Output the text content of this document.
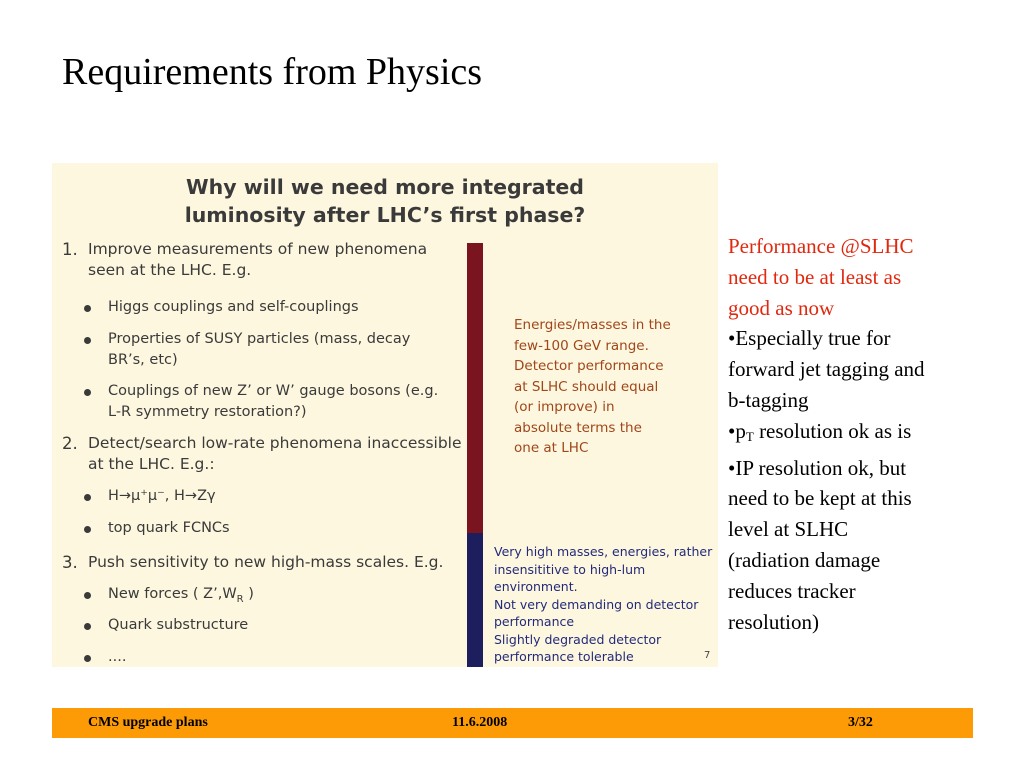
Requirements from Physics
Why will we need more integrated
luminosity after LHC’s first phase?
1. Improve measurements of new phenomena
seen at the LHC. E.g.
Higgs couplings and self-couplings
Properties of SUSY particles (mass, decay
BR’s, etc)
Couplings of new Z’ or W’ gauge bosons (e.g.
L-R symmetry restoration?)
2. Detect/search low-rate phenomena inaccessible
at the LHC. E.g.:
H→μ⁺μ⁻, H→Zγ
top quark FCNCs
3. Push sensitivity to new high-mass scales. E.g.
New forces ( $Z’,W_R$ )
Quark substructure
....
Energies/masses in the
few-100 GeV range.
Detector performance
at SLHC should equal
(or improve) in
absolute terms the
one at LHC
Very high masses, energies, rather
insensititive to high-lum
environment.
Not very demanding on detector
performance
Slightly degraded detector
performance tolerable	7
Performance @SLHC
need to be at least as
good as now
•Especially true for
forward jet tagging and
b-tagging
$•p_T$ resolution ok as is
•IP resolution ok, but
need to be kept at this
level at SLHC
(radiation damage
reduces tracker
resolution)
CMS upgrade plans	11.6.2008	3/32
